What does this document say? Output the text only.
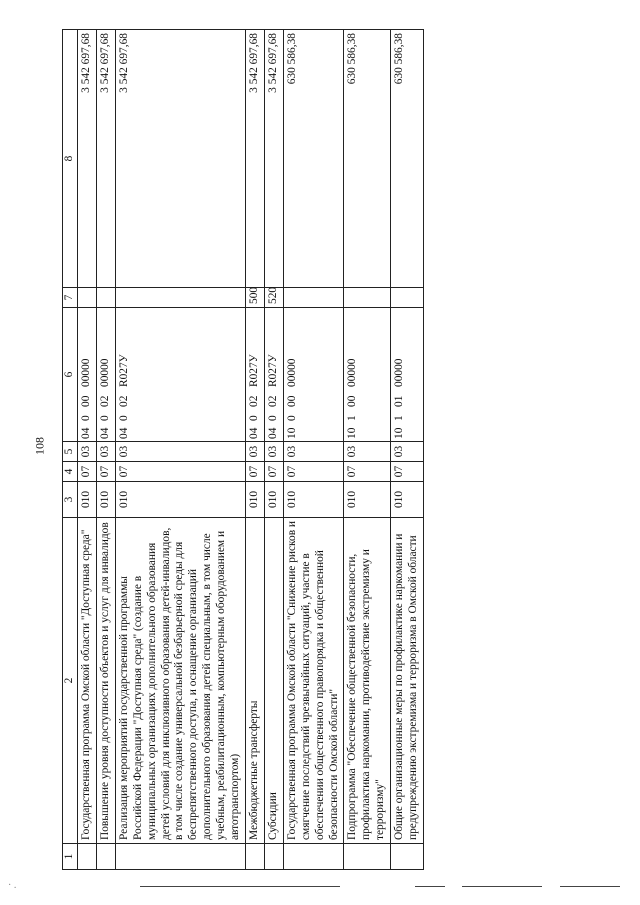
108
1	2	3	4	5	6	7	8
	Государственная программа Омской области "Доступная среда"	010	07	03	0400000000		3 542 697,68
	Повышение уровня доступности объектов и услуг для инвалидов	010	07	03	0400200000		3 542 697,68
	Реализация мероприятий государственной программы Российской Федерации "Доступная среда" (создание в муниципальных организациях дополнительного образования детей условий для инклюзивного образования детей-инвалидов, в том числе создание универсальной безбарьерной среды для беспрепятственного доступа, и оснащение организаций дополнительного образования детей специальным, в том числе учебным, реабилитационным, компьютерным оборудованием и автотранспортом)	010	07	03	04002R027У		3 542 697,68
	Межбюджетные трансферты	010	07	03	04002R027У	500	3 542 697,68
	Субсидии	010	07	03	04002R027У	520	3 542 697,68
	Государственная программа Омской области "Снижение рисков и смягчение последствий чрезвычайных ситуаций, участие в обеспечении общественного правопорядка и общественной безопасности Омской области"	010	07	03	1000000000		630 586,38
	Подпрограмма "Обеспечение общественной безопасности, профилактика наркомании, противодействие экстремизму и терроризму"	010	07	03	1010000000		630 586,38
	Общие организационные меры по профилактике наркомании и предупреждению экстремизма и терроризма в Омской области	010	07	03	1010100000		630 586,38
· .
